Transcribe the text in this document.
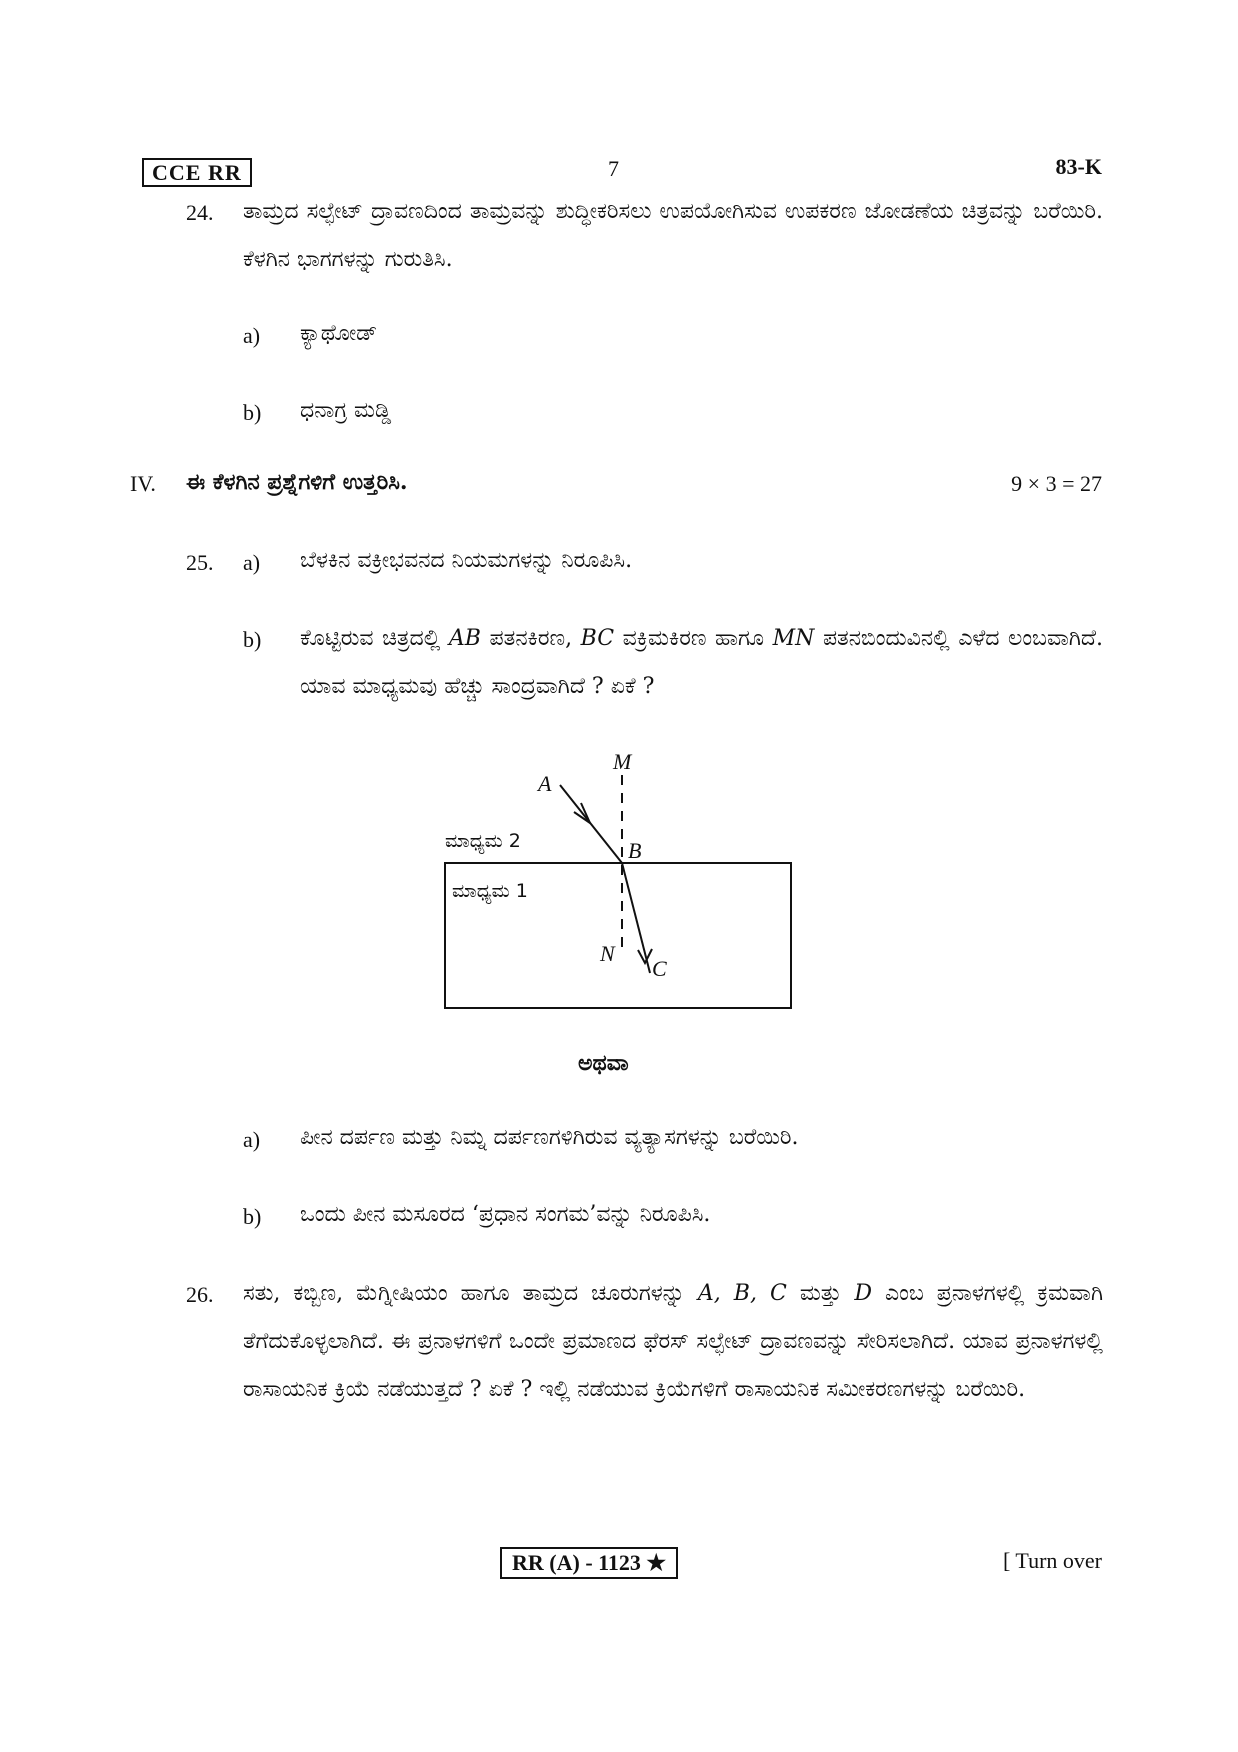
CCE RR	7	83-K
24. ತಾಮ್ರದ ಸಲ್ಫೇಟ್ ದ್ರಾವಣದಿಂದ ತಾಮ್ರವನ್ನು ಶುದ್ಧೀಕರಿಸಲು ಉಪಯೋಗಿಸುವ ಉಪಕರಣ ಜೋಡಣೆಯ ಚಿತ್ರವನ್ನು ಬರೆಯಿರಿ. ಕೆಳಗಿನ ಭಾಗಗಳನ್ನು ಗುರುತಿಸಿ.
a) ಕ್ಯಾಥೋಡ್
b) ಧನಾಗ್ರ ಮಡ್ಡಿ
IV. ಈ ಕೆಳಗಿನ ಪ್ರಶ್ನೆಗಳಿಗೆ ಉತ್ತರಿಸಿ.	9 × 3 = 27
25. a) ಬೆಳಕಿನ ವಕ್ರೀಭವನದ ನಿಯಮಗಳನ್ನು ನಿರೂಪಿಸಿ.
b) ಕೊಟ್ಟಿರುವ ಚಿತ್ರದಲ್ಲಿ AB ಪತನಕಿರಣ, BC ವಕ್ರಿಮಕಿರಣ ಹಾಗೂ MN ಪತನಬಿಂದುವಿನಲ್ಲಿ ಎಳೆದ ಲಂಬವಾಗಿದೆ. ಯಾವ ಮಾಧ್ಯಮವು ಹೆಚ್ಚು ಸಾಂದ್ರವಾಗಿದೆ ? ಏಕೆ ?
ಮಾಧ್ಯಮ 2
ಮಾಧ್ಯಮ 1
A
M
B
N
C
ಅಥವಾ
a) ಪೀನ ದರ್ಪಣ ಮತ್ತು ನಿಮ್ನ ದರ್ಪಣಗಳಿಗಿರುವ ವ್ಯತ್ಯಾಸಗಳನ್ನು ಬರೆಯಿರಿ.
b) ಒಂದು ಪೀನ ಮಸೂರದ ‘ಪ್ರಧಾನ ಸಂಗಮ’ವನ್ನು ನಿರೂಪಿಸಿ.
26. ಸತು, ಕಬ್ಬಿಣ, ಮೆಗ್ನೀಷಿಯಂ ಹಾಗೂ ತಾಮ್ರದ ಚೂರುಗಳನ್ನು A, B, C ಮತ್ತು D ಎಂಬ ಪ್ರನಾಳಗಳಲ್ಲಿ ಕ್ರಮವಾಗಿ ತೆಗೆದುಕೊಳ್ಳಲಾಗಿದೆ. ಈ ಪ್ರನಾಳಗಳಿಗೆ ಒಂದೇ ಪ್ರಮಾಣದ ಫೆರಸ್ ಸಲ್ಫೇಟ್ ದ್ರಾವಣವನ್ನು ಸೇರಿಸಲಾಗಿದೆ. ಯಾವ ಪ್ರನಾಳಗಳಲ್ಲಿ ರಾಸಾಯನಿಕ ಕ್ರಿಯೆ ನಡೆಯುತ್ತದೆ ? ಏಕೆ ? ಇಲ್ಲಿ ನಡೆಯುವ ಕ್ರಿಯೆಗಳಿಗೆ ರಾಸಾಯನಿಕ ಸಮೀಕರಣಗಳನ್ನು ಬರೆಯಿರಿ.
RR (A) - 1123 ★	[ Turn over
